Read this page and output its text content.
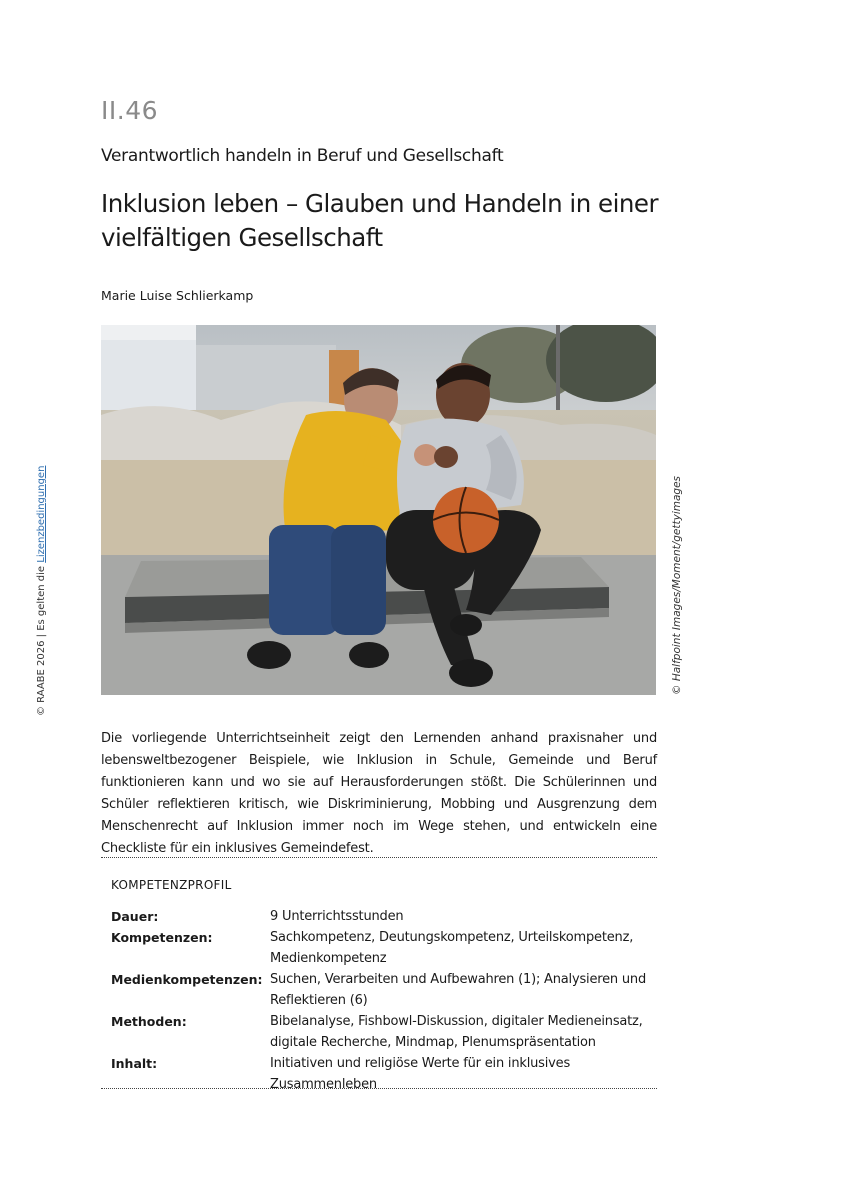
II.46
Verantwortlich handeln in Beruf und Gesellschaft
Inklusion leben – Glauben und Handeln in einer
vielfältigen Gesellschaft
Marie Luise Schlierkamp
© Halfpoint Images/Moment/gettyimages
© RAABE 2026 | Es gelten die Lizenzbedingungen
Die vorliegende Unterrichtseinheit zeigt den Lernenden anhand praxisnaher und lebensweltbezogener Beispiele, wie Inklusion in Schule, Gemeinde und Beruf funktionieren kann und wo sie auf Herausforderungen stößt. Die Schülerinnen und Schüler reflektieren kritisch, wie Diskriminierung, Mobbing und Ausgrenzung dem Menschenrecht auf Inklusion immer noch im Wege stehen, und entwickeln eine Checkliste für ein inklusives Gemeindefest.
KOMPETENZPROFIL
Dauer:	9 Unterrichtsstunden
Kompetenzen:	Sachkompetenz, Deutungskompetenz, Urteilskompetenz, Medienkompetenz
Medienkompetenzen:	Suchen, Verarbeiten und Aufbewahren (1); Analysieren und Reflektieren (6)
Methoden:	Bibelanalyse, Fishbowl-Diskussion, digitaler Medieneinsatz, digitale Recherche, Mindmap, Plenumspräsentation
Inhalt:	Initiativen und religiöse Werte für ein inklusives Zusammenleben
